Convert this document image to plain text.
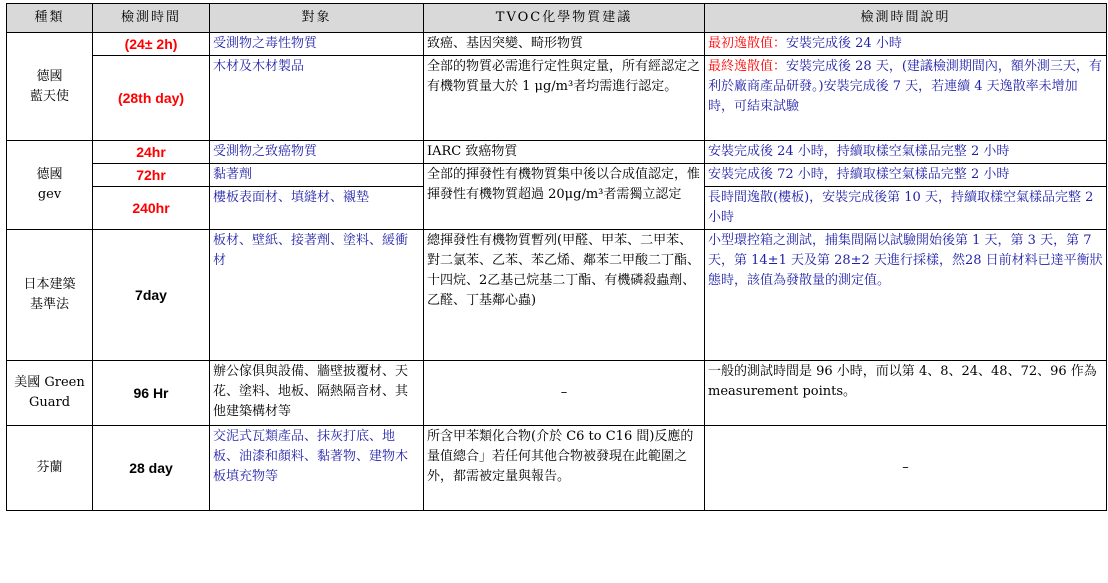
種類	檢測時間	對象	TVOC化學物質建議	檢測時間說明
德國
藍天使	(24± 2h)	受測物之毒性物質	致癌、基因突變、畸形物質	最初逸散值：安裝完成後 24 小時
	(28th day)	木材及木材製品	全部的物質必需進行定性與定量，所有經認定之有機物質量大於 1 μg/m³者均需進行認定。	最終逸散值：安裝完成後 28 天，(建議檢測期間內，額外測三天，有利於廠商產品研發。)安裝完成後 7 天，若連續 4 天逸散率未增加時，可結束試驗
德國
gev	24hr	受測物之致癌物質	IARC 致癌物質	安裝完成後 24 小時，持續取樣空氣樣品完整 2 小時
	72hr	黏著劑	全部的揮發性有機物質集中後以合成值認定，惟揮發性有機物質超過 20μg/m³者需獨立認定	安裝完成後 72 小時，持續取樣空氣樣品完整 2 小時
	240hr	樓板表面材、填縫材、襯墊		長時間逸散(樓板)，安裝完成後第 10 天，持續取樣空氣樣品完整 2 小時
日本建築
基準法	7day	板材、壁紙、接著劑、塗料、緩衝材	總揮發性有機物質暫列(甲醛、甲苯、二甲苯、對二氯苯、乙苯、苯乙烯、鄰苯二甲酸二丁酯、十四烷、2乙基己烷基二丁酯、有機磷殺蟲劑、乙醛、丁基鄰心蟲)	小型環控箱之測試，捕集間隔以試驗開始後第 1 天，第 3 天，第 7 天，第 14±1 天及第 28±2 天進行採樣，然28 日前材料已達平衡狀態時，該值為發散量的測定值。
美國 Green Guard	96 Hr	辦公傢俱與設備、牆壁披覆材、天花、塗料、地板、隔熱隔音材、其他建築構材等	–	一般的測試時間是 96 小時，而以第 4、8、24、48、72、96 作為 measurement points。
芬蘭	28 day	交泥式瓦類產品、抹灰打底、地板、油漆和顏料、黏著物、建物木板填充物等	所含甲苯類化合物(介於 C6 to C16 間)反應的量值總合」若任何其他合物被發現在此範圍之外，都需被定量與報告。	–
